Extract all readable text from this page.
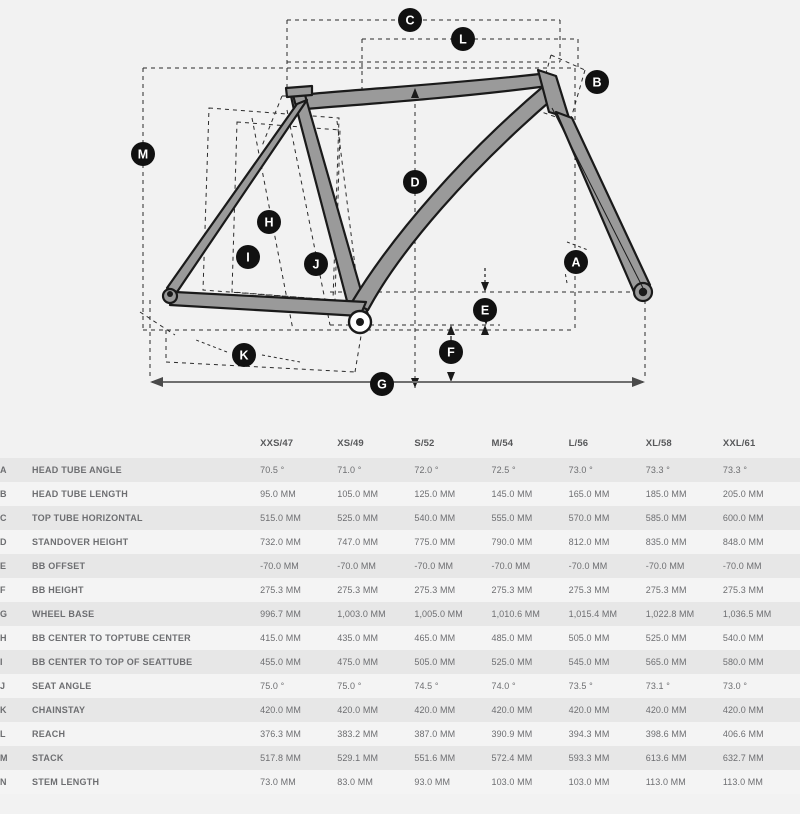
A
B
C
D
E
F
G
H
I	J
K
L
M
		XXS/47	XS/49	S/52	M/54	L/56	XL/58	XXL/61
A	HEAD TUBE ANGLE	70.5 °	71.0 °	72.0 °	72.5 °	73.0 °	73.3 °	73.3 °
B	HEAD TUBE LENGTH	95.0 MM	105.0 MM	125.0 MM	145.0 MM	165.0 MM	185.0 MM	205.0 MM
C	TOP TUBE HORIZONTAL	515.0 MM	525.0 MM	540.0 MM	555.0 MM	570.0 MM	585.0 MM	600.0 MM
D	STANDOVER HEIGHT	732.0 MM	747.0 MM	775.0 MM	790.0 MM	812.0 MM	835.0 MM	848.0 MM
E	BB OFFSET	-70.0 MM	-70.0 MM	-70.0 MM	-70.0 MM	-70.0 MM	-70.0 MM	-70.0 MM
F	BB HEIGHT	275.3 MM	275.3 MM	275.3 MM	275.3 MM	275.3 MM	275.3 MM	275.3 MM
G	WHEEL BASE	996.7 MM	1,003.0 MM	1,005.0 MM	1,010.6 MM	1,015.4 MM	1,022.8 MM	1,036.5 MM
H	BB CENTER TO TOPTUBE CENTER	415.0 MM	435.0 MM	465.0 MM	485.0 MM	505.0 MM	525.0 MM	540.0 MM
I	BB CENTER TO TOP OF SEATTUBE	455.0 MM	475.0 MM	505.0 MM	525.0 MM	545.0 MM	565.0 MM	580.0 MM
J	SEAT ANGLE	75.0 °	75.0 °	74.5 °	74.0 °	73.5 °	73.1 °	73.0 °
K	CHAINSTAY	420.0 MM	420.0 MM	420.0 MM	420.0 MM	420.0 MM	420.0 MM	420.0 MM
L	REACH	376.3 MM	383.2 MM	387.0 MM	390.9 MM	394.3 MM	398.6 MM	406.6 MM
M	STACK	517.8 MM	529.1 MM	551.6 MM	572.4 MM	593.3 MM	613.6 MM	632.7 MM
N	STEM LENGTH	73.0 MM	83.0 MM	93.0 MM	103.0 MM	103.0 MM	113.0 MM	113.0 MM
